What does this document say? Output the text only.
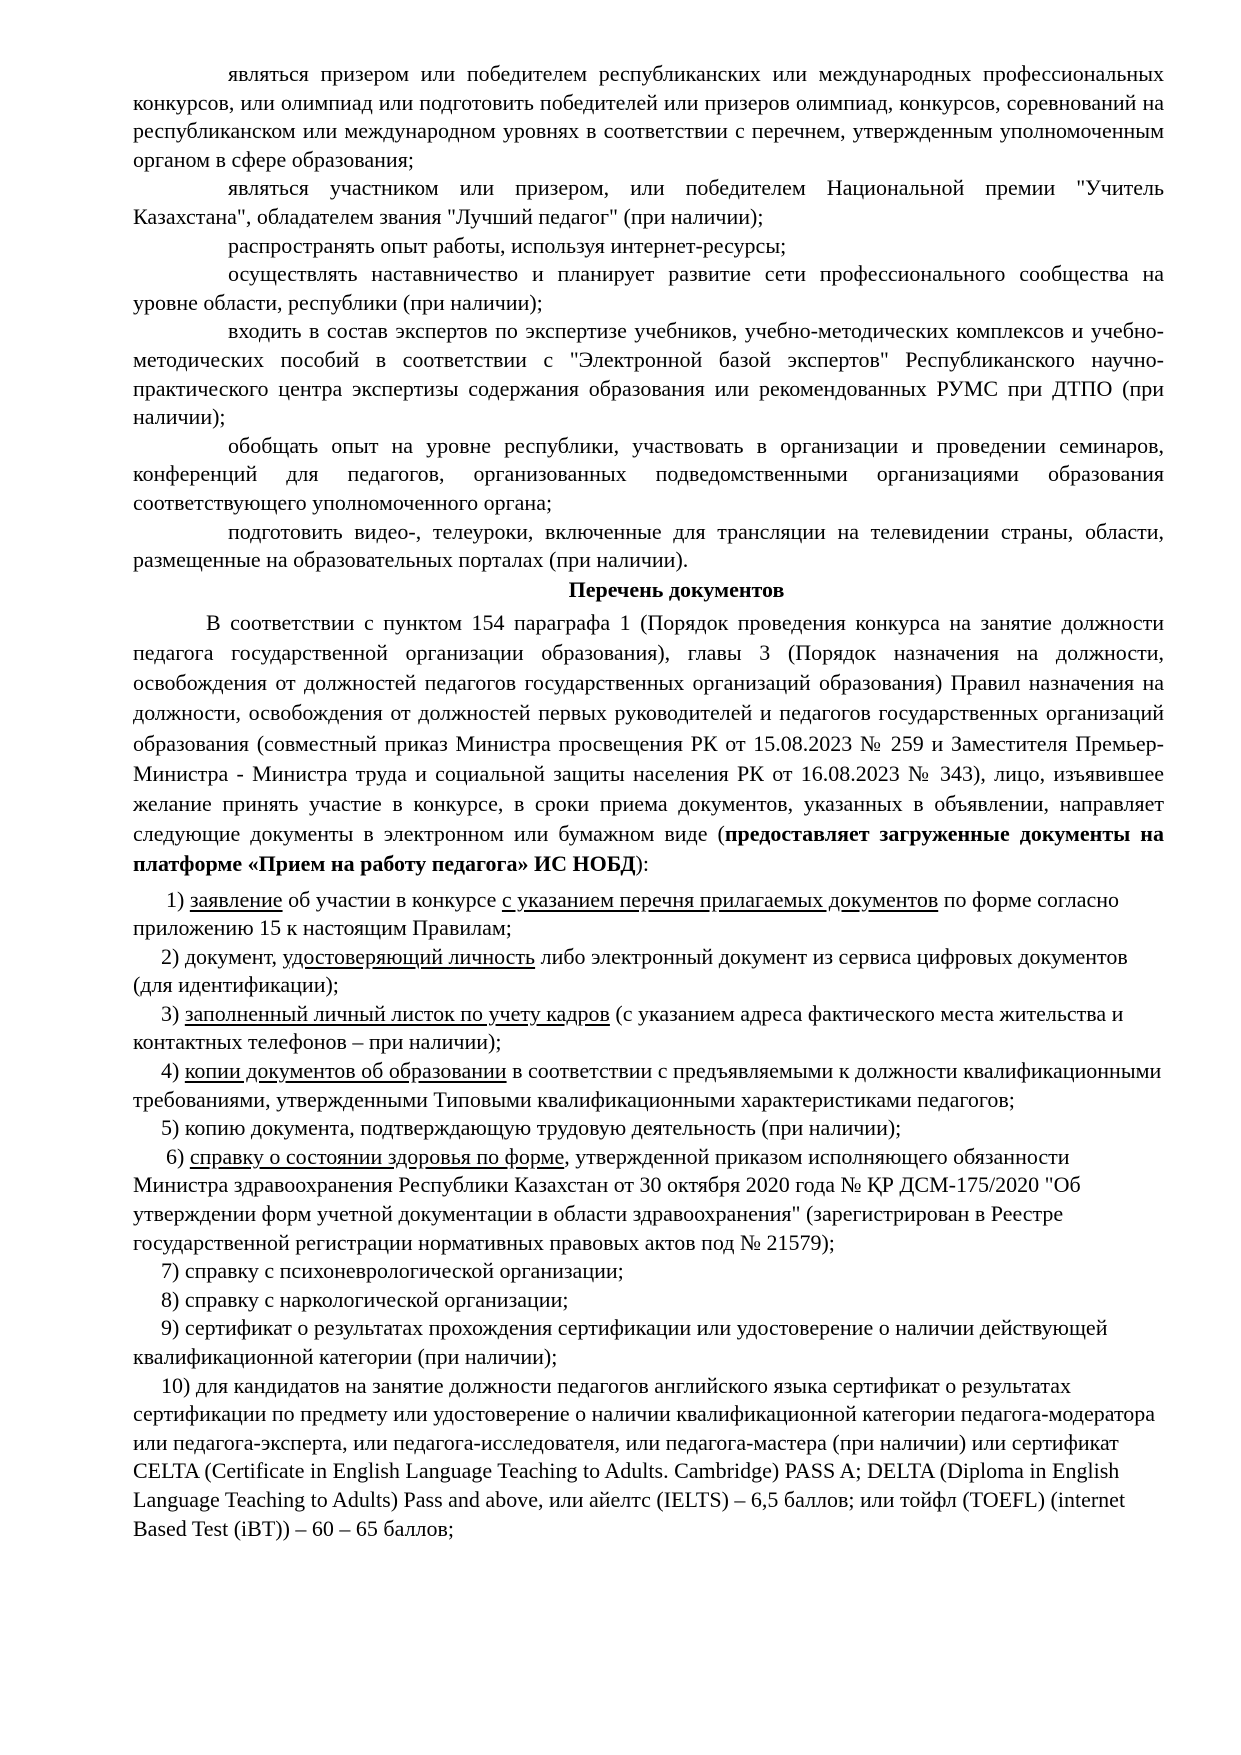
являться призером или победителем республиканских или международных профессиональных конкурсов, или олимпиад или подготовить победителей или призеров олимпиад, конкурсов, соревнований на республиканском или международном уровнях в соответствии с перечнем, утвержденным уполномоченным органом в сфере образования;

являться участником или призером, или победителем Национальной премии "Учитель Казахстана", обладателем звания "Лучший педагог" (при наличии);

распространять опыт работы, используя интернет-ресурсы;

осуществлять наставничество и планирует развитие сети профессионального сообщества на уровне области, республики (при наличии);

входить в состав экспертов по экспертизе учебников, учебно-методических комплексов и учебно-методических пособий в соответствии с "Электронной базой экспертов" Республиканского научно-практического центра экспертизы содержания образования или рекомендованных РУМС при ДТПО (при наличии);

обобщать опыт на уровне республики, участвовать в организации и проведении семинаров, конференций для педагогов, организованных подведомственными организациями образования соответствующего уполномоченного органа;

подготовить видео-, телеуроки, включенные для трансляции на телевидении страны, области, размещенные на образовательных порталах (при наличии).

Перечень документов

В соответствии с пунктом 154 параграфа 1 (Порядок проведения конкурса на занятие должности педагога государственной организации образования), главы 3 (Порядок назначения на должности, освобождения от должностей педагогов государственных организаций образования) Правил назначения на должности, освобождения от должностей первых руководителей и педагогов государственных организаций образования (совместный приказ Министра просвещения РК от 15.08.2023 № 259 и Заместителя Премьер-Министра - Министра труда и социальной защиты населения РК от 16.08.2023 № 343), лицо, изъявившее желание принять участие в конкурсе, в сроки приема документов, указанных в объявлении, направляет следующие документы в электронном или бумажном виде (предоставляет загруженные документы на платформе «Прием на работу педагога» ИС НОБД):

1) заявление об участии в конкурсе с указанием перечня прилагаемых документов по форме согласно приложению 15 к настоящим Правилам;

2) документ, удостоверяющий личность либо электронный документ из сервиса цифровых документов (для идентификации);

3) заполненный личный листок по учету кадров (с указанием адреса фактического места жительства и контактных телефонов – при наличии);

4) копии документов об образовании в соответствии с предъявляемыми к должности квалификационными требованиями, утвержденными Типовыми квалификационными характеристиками педагогов;

5) копию документа, подтверждающую трудовую деятельность (при наличии);

6) справку о состоянии здоровья по форме, утвержденной приказом исполняющего обязанности Министра здравоохранения Республики Казахстан от 30 октября 2020 года № ҚР ДСМ-175/2020 "Об утверждении форм учетной документации в области здравоохранения" (зарегистрирован в Реестре государственной регистрации нормативных правовых актов под № 21579);

7) справку с психоневрологической организации;

8) справку с наркологической организации;

9) сертификат о результатах прохождения сертификации или удостоверение о наличии действующей квалификационной категории (при наличии);

10) для кандидатов на занятие должности педагогов английского языка сертификат о результатах сертификации по предмету или удостоверение о наличии квалификационной категории педагога-модератора или педагога-эксперта, или педагога-исследователя, или педагога-мастера (при наличии) или сертификат CELTA (Certificate in English Language Teaching to Adults. Cambridge) PASS A; DELTA (Diploma in English Language Teaching to Adults) Pass and above, или айелтс (IELTS) – 6,5 баллов; или тойфл (TOEFL) (internet Based Test (iBT)) – 60 – 65 баллов;
